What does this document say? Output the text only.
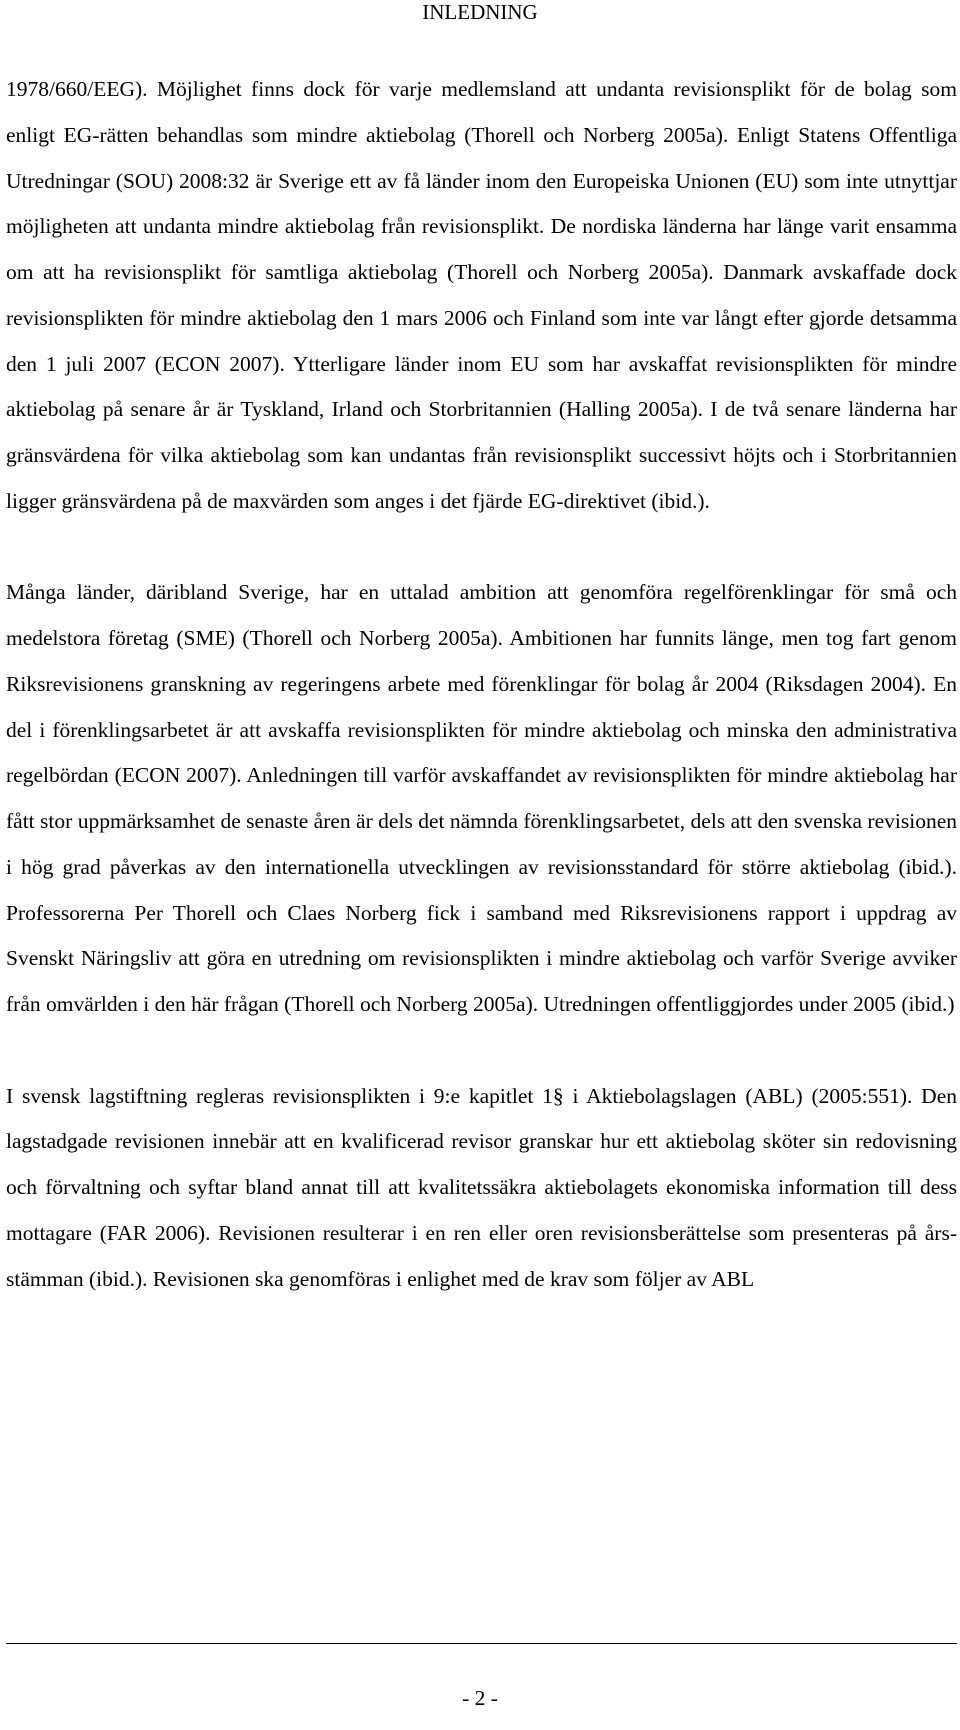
INLEDNING

1978/660/EEG). Möjlighet finns dock för varje medlemsland att undanta revisionsplikt för de bolag som enligt EG-rätten behandlas som mindre aktiebolag (Thorell och Norberg 2005a). Enligt Statens Offentliga Utredningar (SOU) 2008:32 är Sverige ett av få länder inom den Europeiska Unionen (EU) som inte utnyttjar möjligheten att undanta mindre aktiebolag från revisionsplikt. De nordiska länderna har länge varit ensamma om att ha revisionsplikt för samtliga aktiebolag (Thorell och Norberg 2005a). Danmark avskaffade dock revisionsplikten för mindre aktiebolag den 1 mars 2006 och Finland som inte var långt efter gjorde detsamma den 1 juli 2007 (ECON 2007). Ytterligare länder inom EU som har avskaffat revisionsplikten för mindre aktiebolag på senare år är Tyskland, Irland och Storbritannien (Halling 2005a). I de två senare länderna har gränsvärdena för vilka aktiebolag som kan undantas från revisionsplikt successivt höjts och i Storbritannien ligger gränsvärdena på de maxvärden som anges i det fjärde EG-direktivet (ibid.).

Många länder, däribland Sverige, har en uttalad ambition att genomföra regelförenklingar för små och medelstora företag (SME) (Thorell och Norberg 2005a). Ambitionen har funnits länge, men tog fart genom Riksrevisionens granskning av regeringens arbete med förenklingar för bolag år 2004 (Riksdagen 2004). En del i förenklingsarbetet är att avskaffa revisionsplikten för mindre aktiebolag och minska den administrativa regelbördan (ECON 2007). Anledningen till varför avskaffandet av revisionsplikten för mindre aktiebolag har fått stor uppmärksamhet de senaste åren är dels det nämnda förenklingsarbetet, dels att den svenska revisionen i hög grad påverkas av den internationella utvecklingen av revisionsstandard för större aktiebolag (ibid.). Professorerna Per Thorell och Claes Norberg fick i samband med Riksrevisionens rapport i uppdrag av Svenskt Näringsliv att göra en utredning om revisionsplikten i mindre aktiebolag och varför Sverige avviker från omvärlden i den här frågan (Thorell och Norberg 2005a). Utredningen offentliggjordes under 2005 (ibid.)

I svensk lagstiftning regleras revisionsplikten i 9:e kapitlet 1§ i Aktiebolagslagen (ABL) (2005:551). Den lagstadgade revisionen innebär att en kvalificerad revisor granskar hur ett aktiebolag sköter sin redovisning och förvaltning och syftar bland annat till att kvalitetssäkra aktiebolagets ekonomiska information till dess mottagare (FAR 2006). Revisionen resulterar i en ren eller oren revisionsberättelse som presenteras på års-stämman (ibid.). Revisionen ska genomföras i enlighet med de krav som följer av ABL

- 2 -
